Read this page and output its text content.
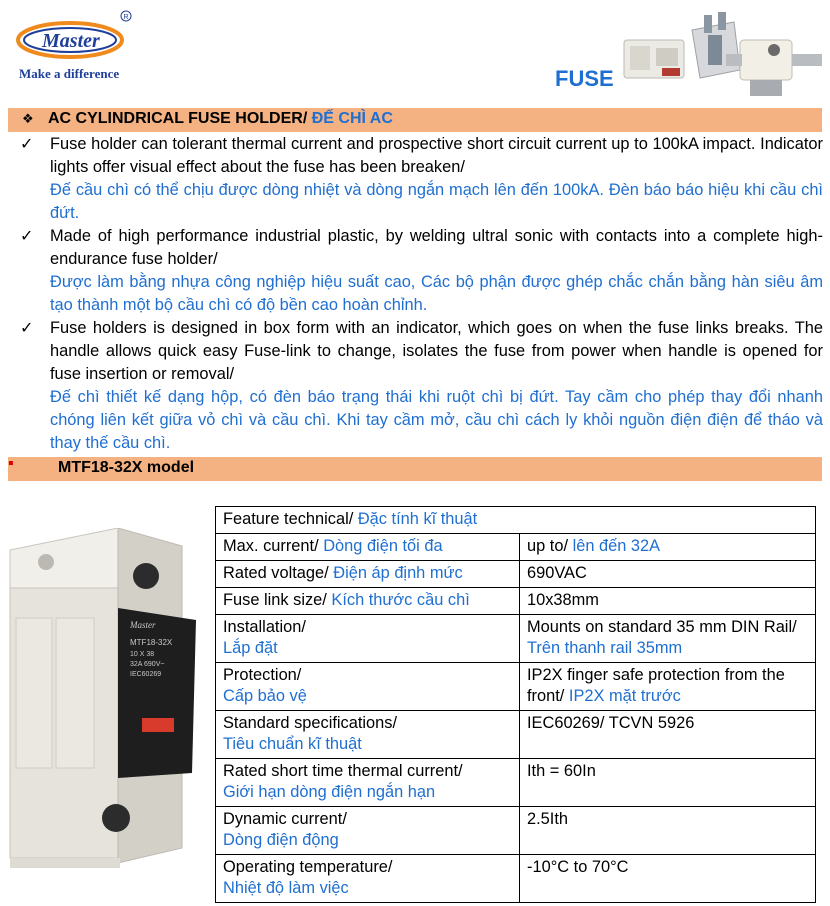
Master
R
Make a difference	FUSE
❖ AC CYLINDRICAL FUSE HOLDER/ ĐẾ CHÌ AC
✓ Fuse holder can tolerant thermal current and prospective short circuit current up to 100kA impact. Indicator lights offer visual effect about the fuse has been breaken/

Đế cầu chì có thể chịu được dòng nhiệt và dòng ngắn mạch lên đến 100kA. Đèn báo báo hiệu khi cầu chì đứt.

✓ Made of high performance industrial plastic, by welding ultral sonic with contacts into a complete high-endurance fuse holder/

Được làm bằng nhựa công nghiệp hiệu suất cao, Các bộ phận được ghép chắc chắn bằng hàn siêu âm tạo thành một bộ cầu chì có độ bền cao hoàn chỉnh.

✓ Fuse holders is designed in box form with an indicator, which goes on when the fuse links breaks. The handle allows quick easy Fuse-link to change, isolates the fuse from power when handle is opened for fuse insertion or removal/

Đế chì thiết kế dạng hộp, có đèn báo trạng thái khi ruột chì bị đứt. Tay cầm cho phép thay đổi nhanh chóng liên kết giữa vỏ chì và cầu chì. Khi tay cầm mở, cầu chì cách ly khỏi nguồn điện điện để tháo và thay thế cầu chì.

▪	MTF18-32X model
Master
MTF18-32X
10 X 38
32A 690V~
IEC60269
Feature technical/ Đặc tính kĩ thuật	
Max. current/ Dòng điện tối đa	up to/ lên đến 32A
Rated voltage/ Điện áp định mức	690VAC
Fuse link size/ Kích thước cầu chì	10x38mm
Installation/
Lắp đặt	Mounts on standard 35 mm DIN Rail/ Trên thanh rail 35mm
Protection/
Cấp bảo vệ	IP2X finger safe protection from the front/ IP2X mặt trước
Standard specifications/
Tiêu chuẩn kĩ thuật	IEC60269/ TCVN 5926
Rated short time thermal current/
Giới hạn dòng điện ngắn hạn	Ith = 60In
Dynamic current/
Dòng điện động	2.5Ith
Operating temperature/
Nhiệt độ làm việc	-10°C to 70°C
